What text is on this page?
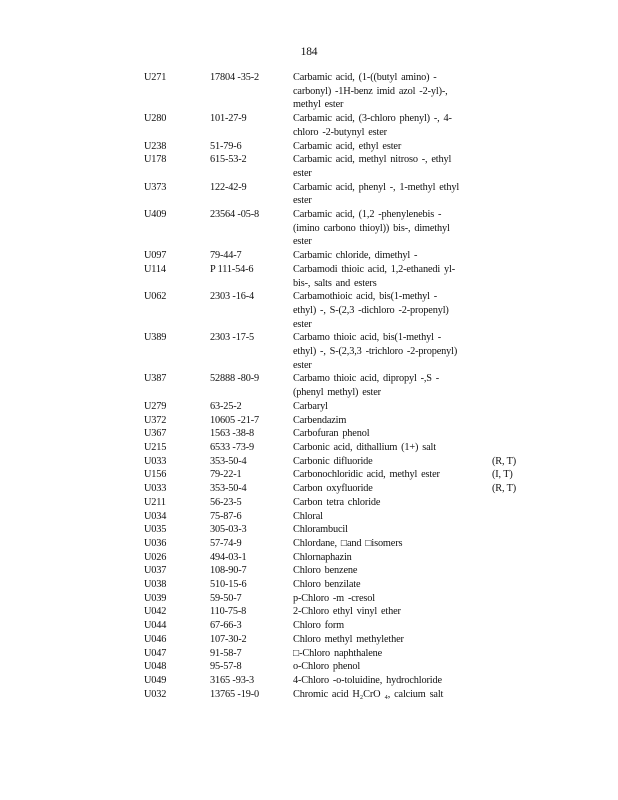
184
U271	17804 -35-2	Carbamic acid, (1-((butyl amino) -
carbonyl) -1H-benz imid azol -2-yl)-,
methyl ester
U280	101-27-9	Carbamic acid, (3-chloro phenyl) -, 4-
chloro -2-butynyl ester
U238	51-79-6	Carbamic acid, ethyl ester
U178	615-53-2	Carbamic acid, methyl nitroso -, ethyl
ester
U373	122-42-9	Carbamic acid, phenyl -, 1-methyl ethyl
ester
U409	23564 -05-8	Carbamic acid, (1,2 -phenylenebis -
(imino carbono thioyl)) bis-, dimethyl
ester
U097	79-44-7	Carbamic chloride, dimethyl -
U114	P 111-54-6	Carbamodi thioic acid, 1,2-ethanedi yl-
bis-, salts and esters
U062	2303 -16-4	Carbamothioic acid, bis(1-methyl -
ethyl) -, S-(2,3 -dichloro -2-propenyl)
ester
U389	2303 -17-5	Carbamo thioic acid, bis(1-methyl -
ethyl) -, S-(2,3,3 -trichloro -2-propenyl)
ester
U387	52888 -80-9	Carbamo thioic acid, dipropyl -,S -
(phenyl methyl) ester
U279	63-25-2	Carbaryl
U372	10605 -21-7	Carbendazim
U367	1563 -38-8	Carbofuran phenol
U215	6533 -73-9	Carbonic acid, dithallium (1+) salt
U033	353-50-4	Carbonic difluoride	(R, T)
U156	79-22-1	Carbonochloridic acid, methyl ester	(I, T)
U033	353-50-4	Carbon oxyfluoride	(R, T)
U211	56-23-5	Carbon tetra chloride
U034	75-87-6	Chloral
U035	305-03-3	Chlorambucil
U036	57-74-9	Chlordane, □and □isomers
U026	494-03-1	Chlornaphazin
U037	108-90-7	Chloro benzene
U038	510-15-6	Chloro benzilate
U039	59-50-7	p-Chloro -m -cresol
U042	110-75-8	2-Chloro ethyl vinyl ether
U044	67-66-3	Chloro form
U046	107-30-2	Chloro methyl methylether
U047	91-58-7	□-Chloro naphthalene
U048	95-57-8	o-Chloro phenol
U049	3165 -93-3	4-Chloro -o-toluidine, hydrochloride
U032	13765 -19-0	Chromic acid H₂CrO ₄, calcium salt
